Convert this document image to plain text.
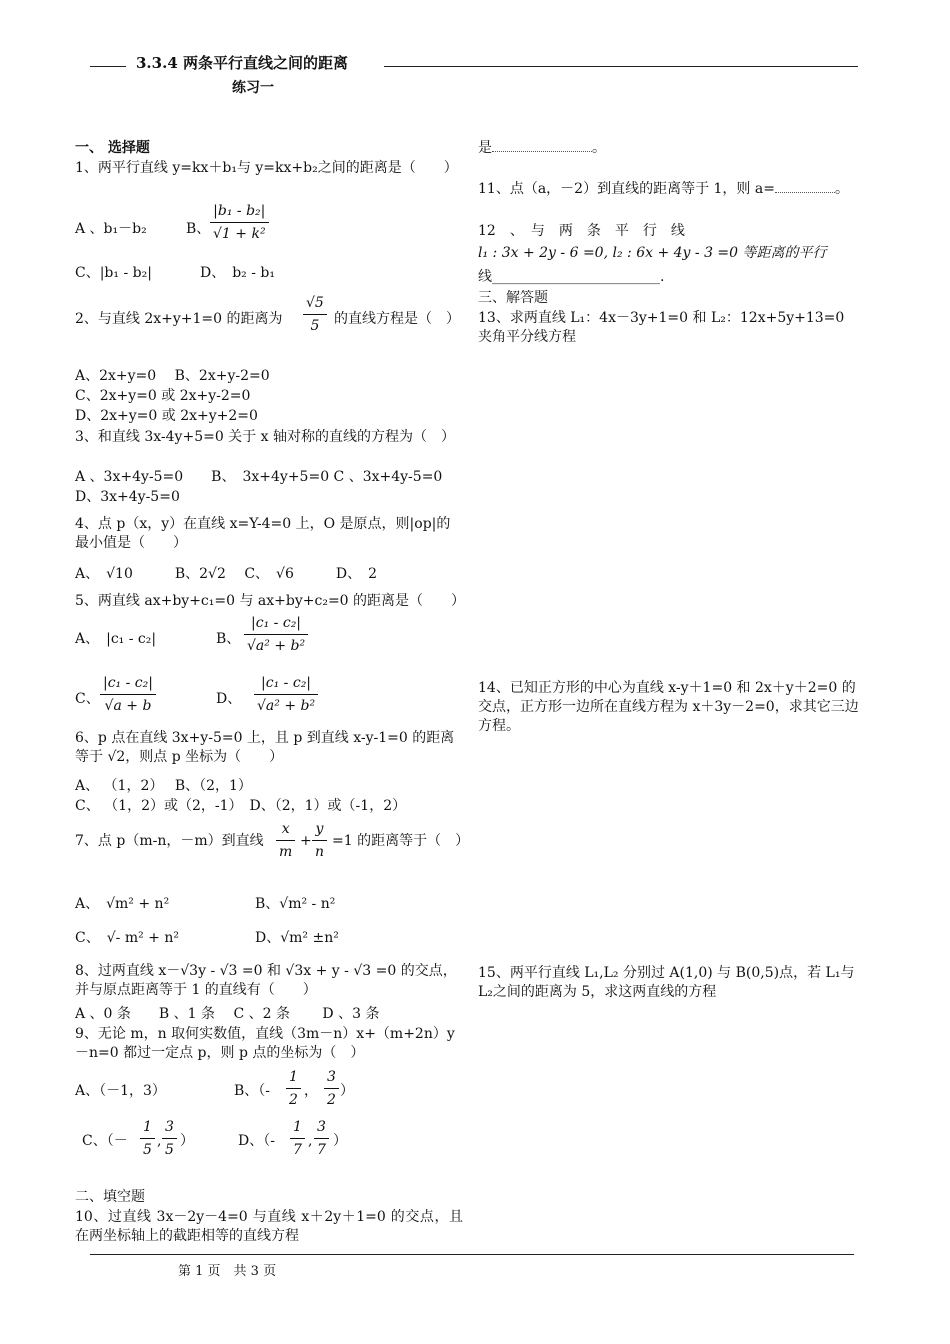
3.3.4 两条平行直线之间的距离
练习一
一、 选择题
1、两平行直线 y=kx＋b₁与 y=kx+b₂之间的距离是（　　）
A 、b₁－b₂	B、 $\frac{\text{|b₁ - b₂|}}{\text{√1 + k²}}$
C、|b₁ - b₂|	D、　b₂ - b₁
2、与直线 2x+y+1=0 的距离为 $\frac{√5}{5}$ 的直线方程是（　）
A、2x+y=0　 B、2x+y-2=0
C、2x+y=0 或 2x+y-2=0
D、2x+y=0 或 2x+y+2=0
3、和直线 3x-4y+5=0 关于 x 轴对称的直线的方程为（　）
A 、3x+4y-5=0　　B、　3x+4y+5=0 C 、3x+4y-5=0
D、3x+4y-5=0
4、点 p（x，y）在直线 x=Y-4=0 上，O 是原点，则|op|的最小值是（　　）
A、　√10　　　B、2√2　 C、　√6　　　D、　2
5、两直线 ax+by+c₁=0 与 ax+by+c₂=0 的距离是（　　）
A、　|c₁ - c₂|	B、 $\frac{\text{|c₁ - c₂|}}{\text{√a² + b²}}$
C、 $\frac{\text{|c₁ - c₂|}}{√a + b}$	D、 $\frac{\text{|c₁ - c₂|}}{\text{√a² + b²}}$
6、p 点在直线 3x+y-5=0 上，且 p 到直线 x-y-1=0 的距离等于 √2，则点 p 坐标为（　　）
A、 （1，2）　 B、（2，1）
C、 （1，2）或（2，-1）　D、（2，1）或（-1，2）
7、点 p（m-n，－m）到直线 $\frac{x}{m} + \frac{y}{n} =1$ 的距离等于（　）
A、　√m² + n²	B、√m² - n²
C、　√- m² + n²	D、√m² ±n²
8、过两直线 x－√3y - √3 =0 和 √3x + y - √3 =0 的交点，并与原点距离等于 1 的直线有（　　）
A 、0 条　　B 、1 条　 C 、2 条　　 D 、3 条
9、无论 m，n 取何实数值，直线（3m－n）x+（m+2n）y－n=0 都过一定点 p，则 p 点的坐标为（　）
A、（－1，3）	B、（- $\frac{1}{2}$ ， $\frac{3}{2}$ ）
C、（－ $\frac{1}{5}$ , $\frac{3}{5}$ ）	D、（- $\frac{1}{7}$ , $\frac{3}{7}$ ）
二、填空题
10、过直线 3x－2y－4=0 与直线 x＋2y＋1=0 的交点，且在两坐标轴上的截距相等的直线方程
是	。
11、点（a，－2）到直线的距离等于 1，则 a=	。
12　、　与　两　条　平　行　线
l₁ : 3x + 2y - 6 =0, l₂ : 6x + 4y - 3 =0 等距离的平行
线________________________.
三、解答题
13、求两直线 L₁：4x－3y+1=0 和 L₂：12x+5y+13=0 夹角平分线方程
14、已知正方形的中心为直线 x-y＋1=0 和 2x＋y＋2=0 的交点，正方形一边所在直线方程为 x＋3y－2=0，求其它三边方程。
15、两平行直线 L₁,L₂ 分别过 A(1,0) 与 B(0,5)点，若 L₁与 L₂之间的距离为 5，求这两直线的方程
第 1 页　共 3 页
